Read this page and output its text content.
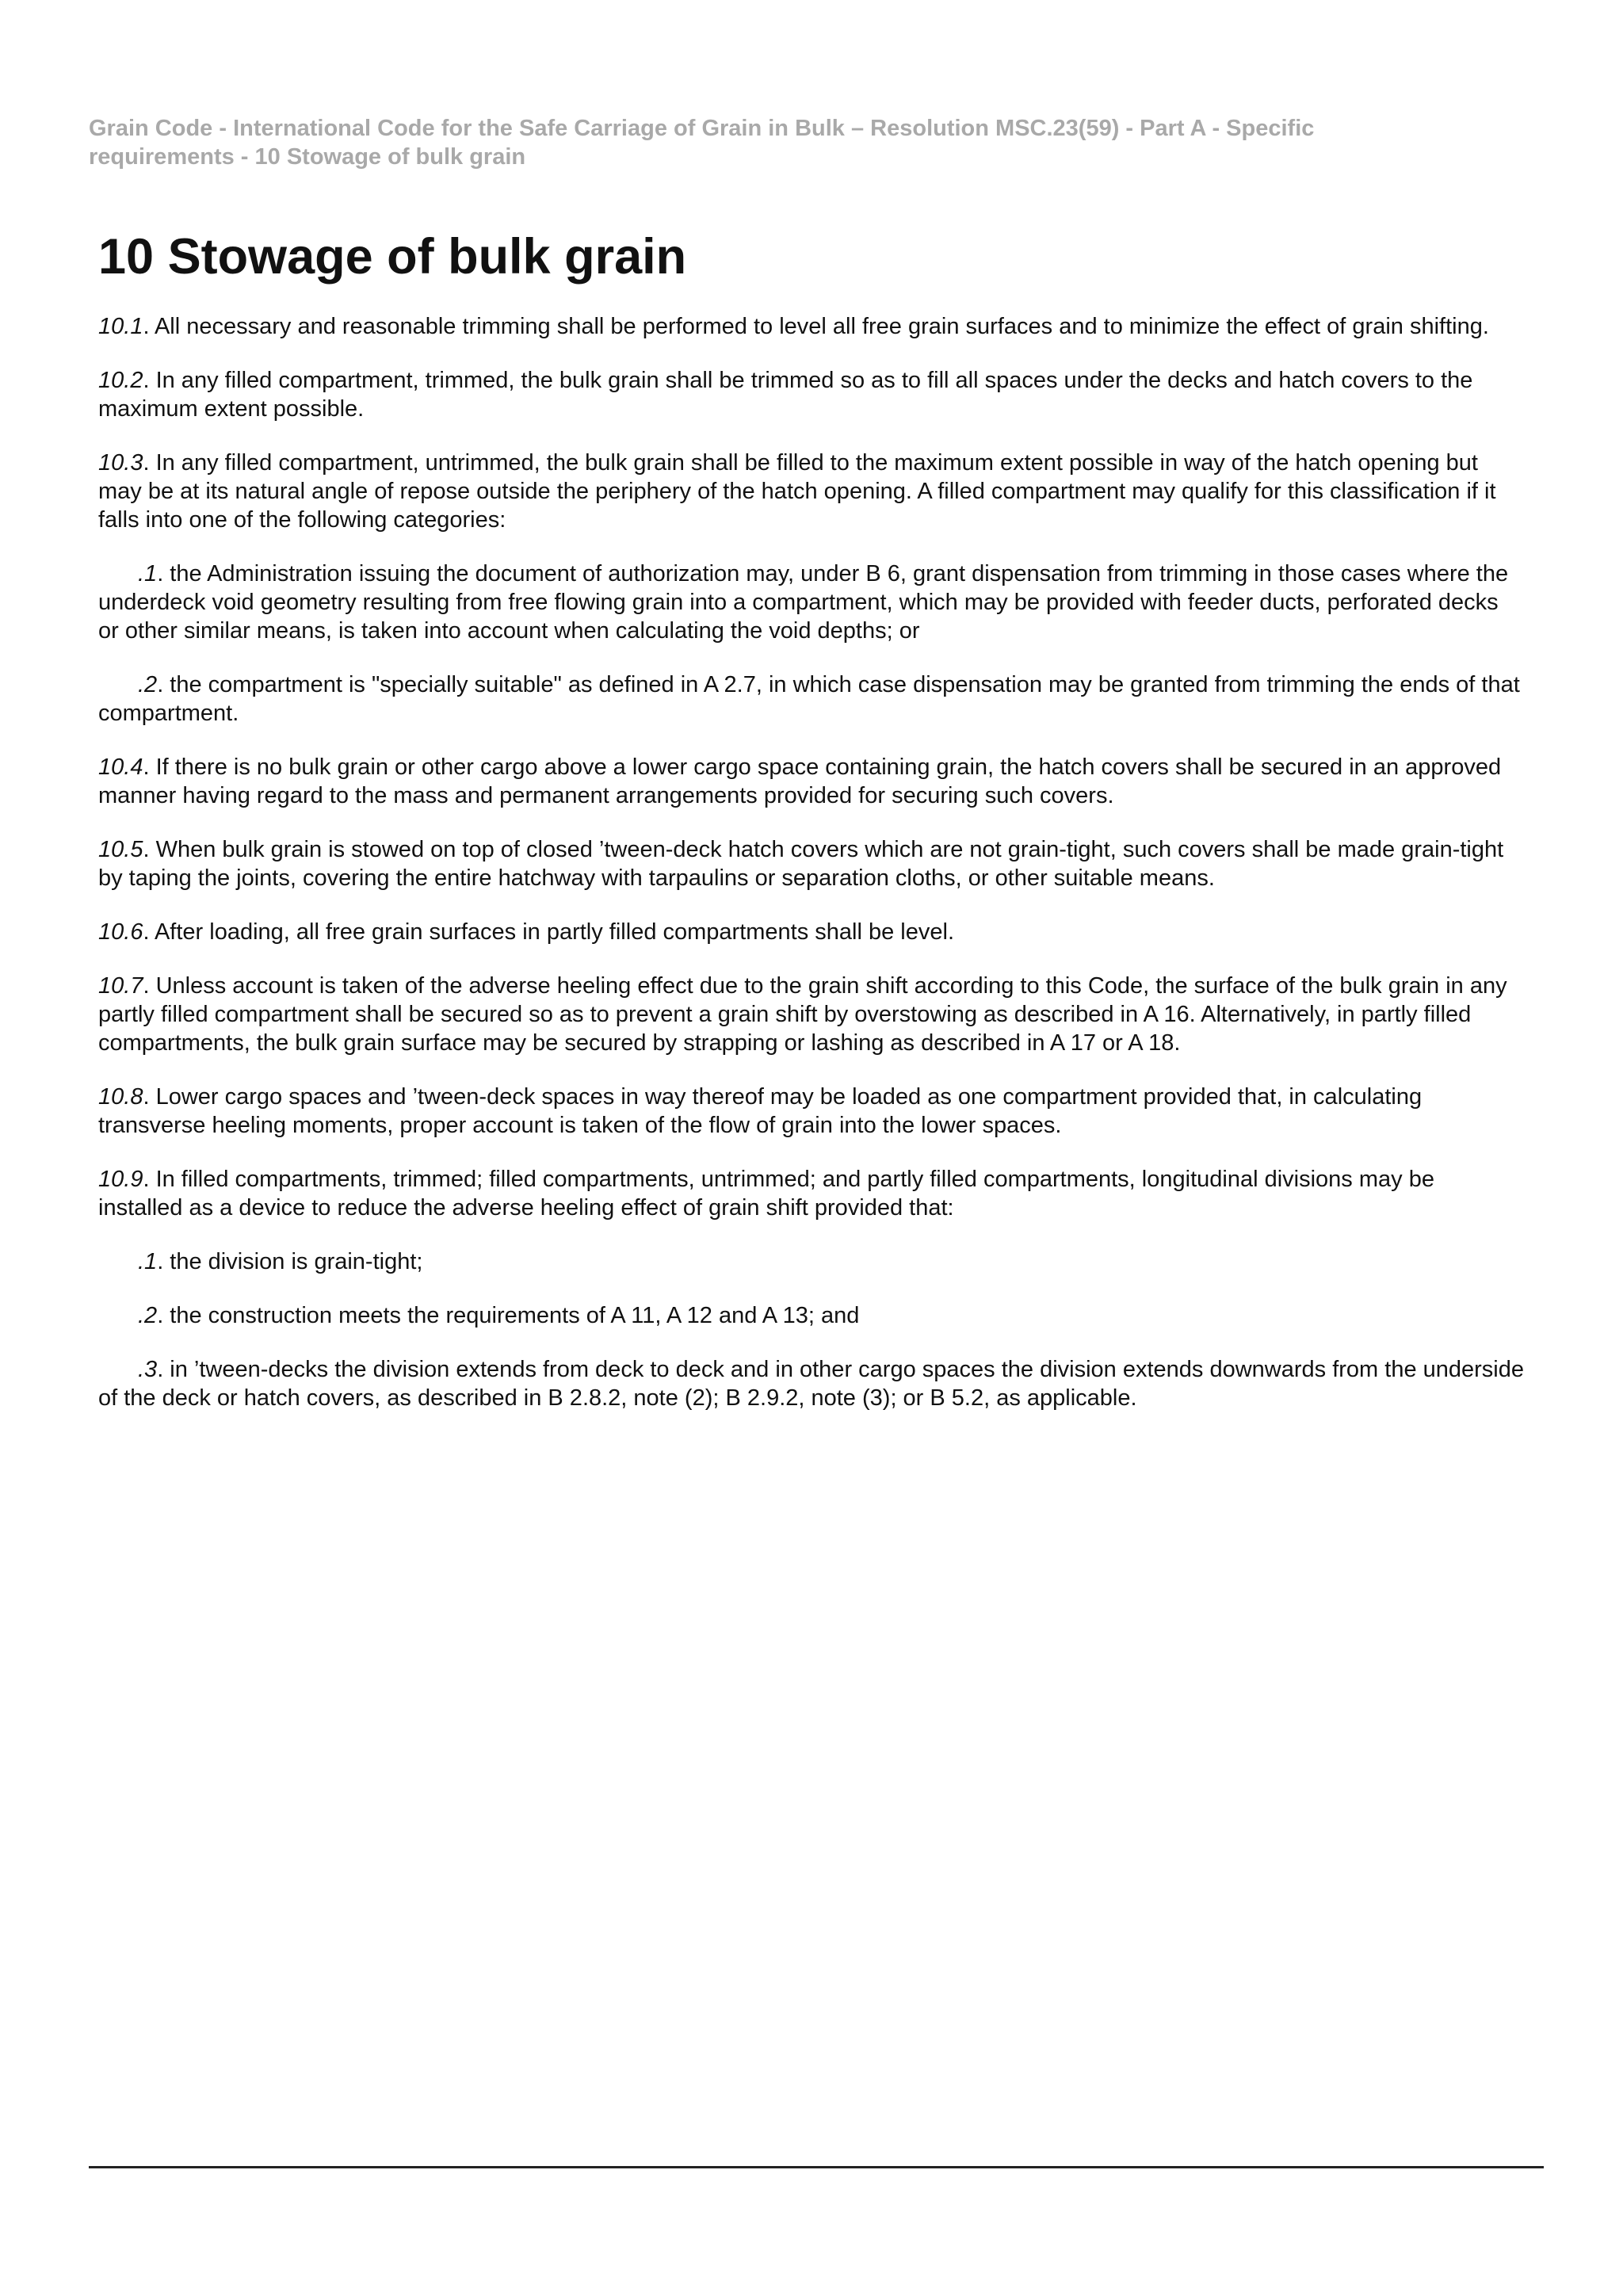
Grain Code - International Code for the Safe Carriage of Grain in Bulk – Resolution MSC.23(59) - Part A - Specific requirements - 10 Stowage of bulk grain
10 Stowage of bulk grain

10.1. All necessary and reasonable trimming shall be performed to level all free grain surfaces and to minimize the effect of grain shifting.

10.2. In any filled compartment, trimmed, the bulk grain shall be trimmed so as to fill all spaces under the decks and hatch covers to the maximum extent possible.

10.3. In any filled compartment, untrimmed, the bulk grain shall be filled to the maximum extent possible in way of the hatch opening but may be at its natural angle of repose outside the periphery of the hatch opening. A filled compartment may qualify for this classification if it falls into one of the following categories:

.1. the Administration issuing the document of authorization may, under B 6, grant dispensation from trimming in those cases where the underdeck void geometry resulting from free flowing grain into a compartment, which may be provided with feeder ducts, perforated decks or other similar means, is taken into account when calculating the void depths; or

.2. the compartment is "specially suitable" as defined in A 2.7, in which case dispensation may be granted from trimming the ends of that compartment.

10.4. If there is no bulk grain or other cargo above a lower cargo space containing grain, the hatch covers shall be secured in an approved manner having regard to the mass and permanent arrangements provided for securing such covers.

10.5. When bulk grain is stowed on top of closed ’tween-deck hatch covers which are not grain-tight, such covers shall be made grain-tight by taping the joints, covering the entire hatchway with tarpaulins or separation cloths, or other suitable means.

10.6. After loading, all free grain surfaces in partly filled compartments shall be level.

10.7. Unless account is taken of the adverse heeling effect due to the grain shift according to this Code, the surface of the bulk grain in any partly filled compartment shall be secured so as to prevent a grain shift by overstowing as described in A 16. Alternatively, in partly filled compartments, the bulk grain surface may be secured by strapping or lashing as described in A 17 or A 18.

10.8. Lower cargo spaces and ’tween-deck spaces in way thereof may be loaded as one compartment provided that, in calculating transverse heeling moments, proper account is taken of the flow of grain into the lower spaces.

10.9. In filled compartments, trimmed; filled compartments, untrimmed; and partly filled compartments, longitudinal divisions may be installed as a device to reduce the adverse heeling effect of grain shift provided that:

.1. the division is grain-tight;

.2. the construction meets the requirements of A 11, A 12 and A 13; and

.3. in ’tween-decks the division extends from deck to deck and in other cargo spaces the division extends downwards from the underside of the deck or hatch covers, as described in B 2.8.2, note (2); B 2.9.2, note (3); or B 5.2, as applicable.
